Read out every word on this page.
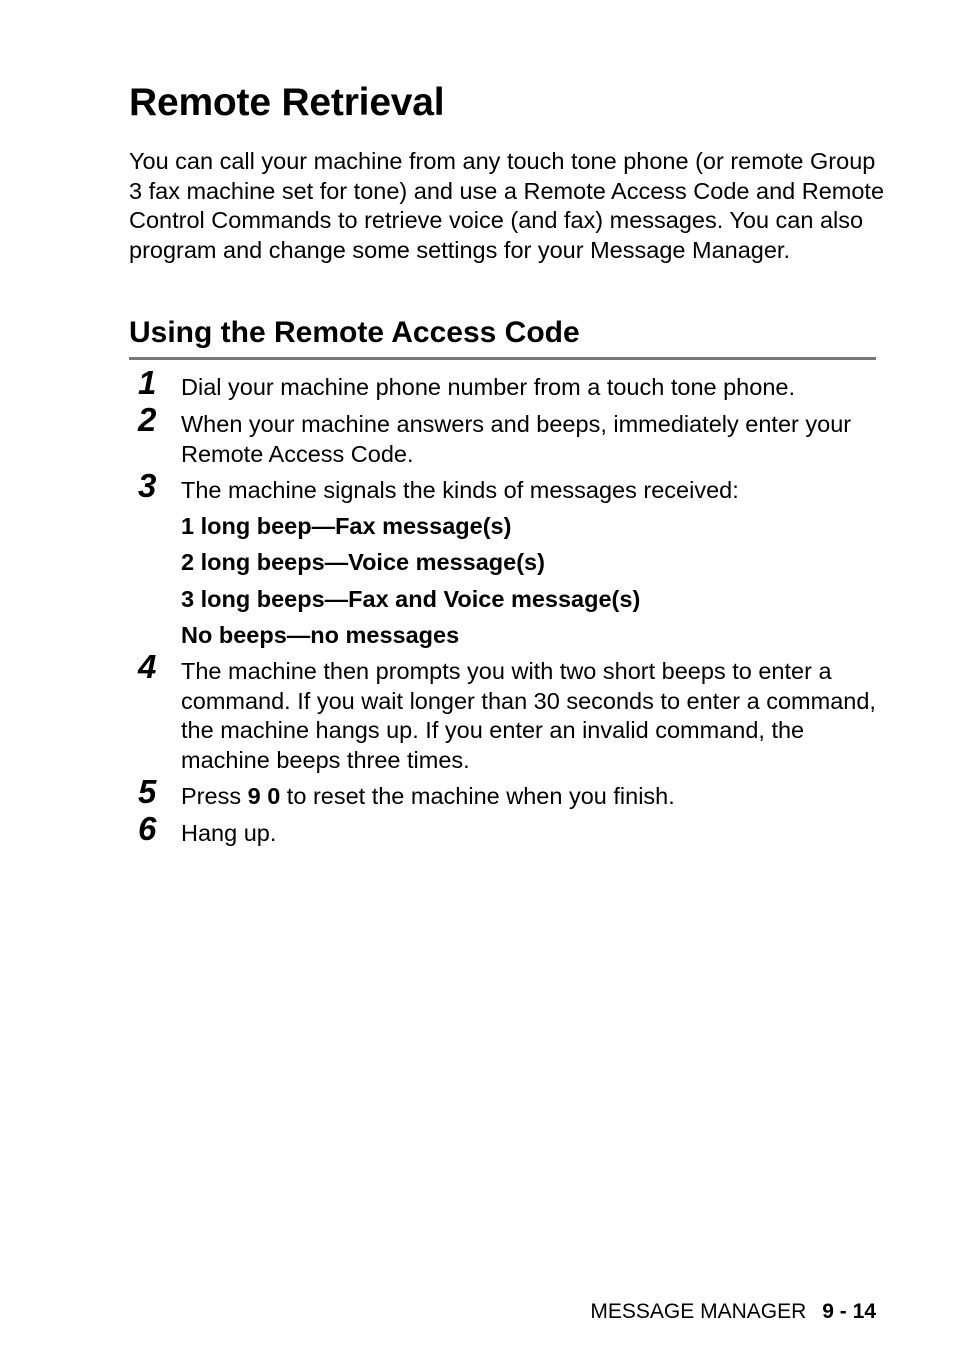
Remote Retrieval

You can call your machine from any touch tone phone (or remote Group 3 fax machine set for tone) and use a Remote Access Code and Remote Control Commands to retrieve voice (and fax) messages. You can also program and change some settings for your Message Manager.

Using the Remote Access Code
1	Dial your machine phone number from a touch tone phone.

2	When your machine answers and beeps, immediately enter your Remote Access Code.

3	The machine signals the kinds of messages received:

1 long beep—Fax message(s)

2 long beeps—Voice message(s)

3 long beeps—Fax and Voice message(s)

No beeps—no messages

4	The machine then prompts you with two short beeps to enter a command. If you wait longer than 30 seconds to enter a command, the machine hangs up. If you enter an invalid command, the machine beeps three times.

5	Press 9 0 to reset the machine when you finish.

6	Hang up.

MESSAGE MANAGER 9 - 14
